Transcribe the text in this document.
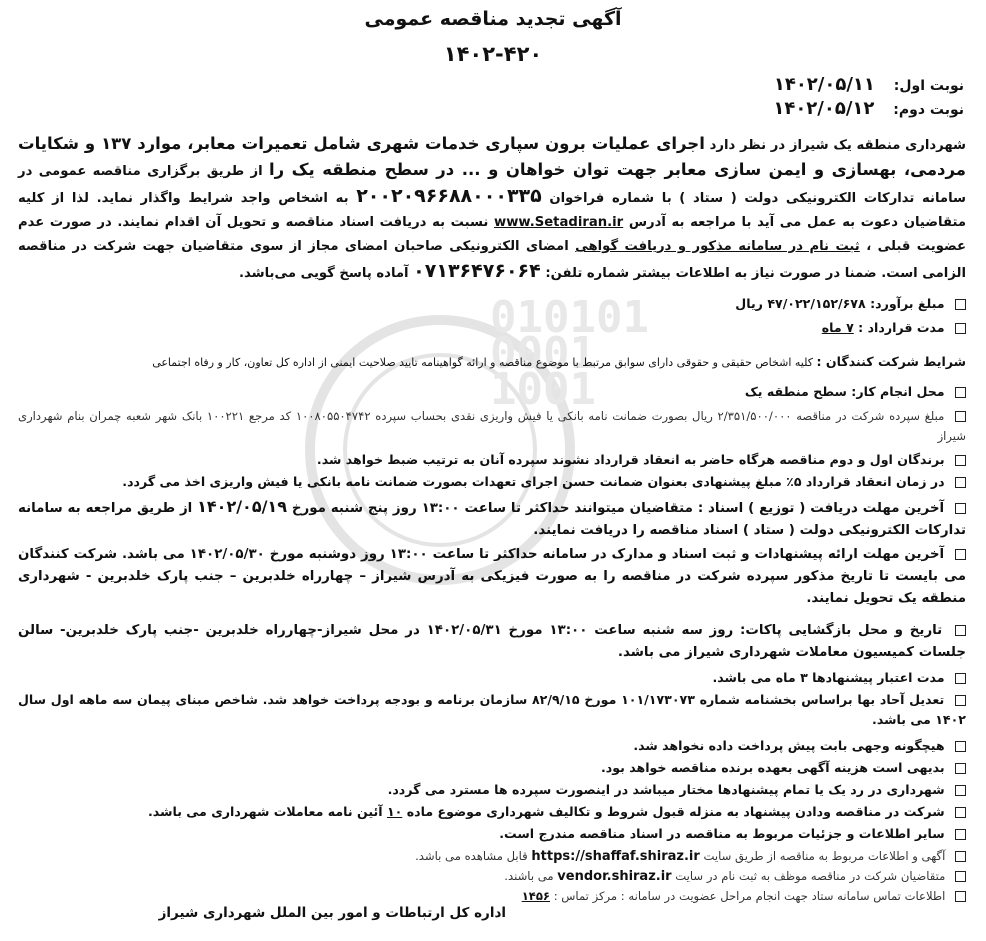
010101
0001
1001
آگهی تجدید مناقصه عمومی
۱۴۰۲-۴۲۰
نوبت اول: ۱۴۰۲/۰۵/۱۱
نوبت دوم: ۱۴۰۲/۰۵/۱۲
شهرداری منطقه یک شیراز در نظر دارد اجرای عملیات برون سپاری خدمات شهری شامل تعمیرات معابر، موارد ۱۳۷ و شکایات مردمی، بهسازی و ایمن سازی معابر جهت توان خواهان و ... در سطح منطقه یک را از طریق برگزاری مناقصه عمومی در سامانه تدارکات الکترونیکی دولت ( ستاد ) با شماره فراخوان ۲۰۰۲۰۹۶۶۸۸۰۰۰۳۳۵ به اشخاص واجد شرایط واگذار نماید. لذا از کلیه متقاضیان دعوت به عمل می آید با مراجعه به آدرس www.Setadiran.ir نسبت به دریافت اسناد مناقصه و تحویل آن اقدام نمایند. در صورت عدم عضویت قبلی ، ثبت نام در سامانه مذکور و دریافت گواهی امضای الکترونیکی صاحبان امضای مجاز از سوی متقاضیان جهت شرکت در مناقصه الزامی است. ضمنا در صورت نیاز به اطلاعات بیشتر شماره تلفن: ۰۷۱۳۶۴۷۶۰۶۴ آماده پاسخ گویی می‌باشد.
مبلغ برآورد: ۴۷/۰۲۲/۱۵۲/۶۷۸ ریال
مدت قرارداد : ۷ ماه
شرایط شرکت کنندگان : کلیه اشخاص حقیقی و حقوقی دارای سوابق مرتبط با موضوع مناقصه و ارائه گواهینامه تایید صلاحیت ایمنی از اداره کل تعاون، کار و رفاه اجتماعی
محل انجام کار: سطح منطقه یک
مبلغ سپرده شرکت در مناقصه ۲/۳۵۱/۵۰۰/۰۰۰ ریال بصورت ضمانت نامه بانکی یا فیش واریزی نقدی بحساب سپرده ۱۰۰۸۰۵۵۰۴۷۴۲ کد مرجع ۱۰۰۲۲۱ بانک شهر شعبه چمران بنام شهرداری شیراز
برندگان اول و دوم مناقصه هرگاه حاضر به انعقاد قرارداد نشوند سپرده آنان به ترتیب ضبط خواهد شد.
در زمان انعقاد قرارداد ۵٪ مبلغ پیشنهادی بعنوان ضمانت حسن اجرای تعهدات بصورت ضمانت نامه بانکی یا فیش واریزی اخذ می گردد.
آخرین مهلت دریافت ( توزیع ) اسناد : متقاضیان میتوانند حداکثر تا ساعت ۱۳:۰۰ روز پنج شنبه مورخ ۱۴۰۲/۰۵/۱۹ از طریق مراجعه به سامانه تدارکات الکترونیکی دولت ( ستاد ) اسناد مناقصه را دریافت نمایند.
آخرین مهلت ارائه پیشنهادات و ثبت اسناد و مدارک در سامانه حداکثر تا ساعت ۱۳:۰۰ روز دوشنبه مورخ ۱۴۰۲/۰۵/۳۰ می باشد. شرکت کنندگان می بایست تا تاریخ مذکور سپرده شرکت در مناقصه را به صورت فیزیکی به آدرس شیراز – چهارراه خلدبرین – جنب پارک خلدبرین - شهرداری منطقه یک تحویل نمایند.
تاریخ و محل بازگشایی پاکات: روز سه شنبه ساعت ۱۳:۰۰ مورخ ۱۴۰۲/۰۵/۳۱ در محل شیراز-چهارراه خلدبرین -جنب پارک خلدبرین- سالن جلسات کمیسیون معاملات شهرداری شیراز می باشد.
مدت اعتبار پیشنهادها ۳ ماه می باشد.
تعدیل آحاد بها براساس بخشنامه شماره ۱۰۱/۱۷۳۰۷۳ مورخ ۸۲/۹/۱۵ سازمان برنامه و بودجه پرداخت خواهد شد. شاخص مبنای پیمان سه ماهه اول سال ۱۴۰۲ می باشد.
هیچگونه وجهی بابت پیش پرداخت داده نخواهد شد.
بدیهی است هزینه آگهی بعهده برنده مناقصه خواهد بود.
شهرداری در رد یک یا تمام پیشنهادها مختار میباشد در اینصورت سپرده ها مسترد می گردد.
شرکت در مناقصه ودادن پیشنهاد به منزله قبول شروط و تکالیف شهرداری موضوع ماده ۱۰ آئین نامه معاملات شهرداری می باشد.
سایر اطلاعات و جزئیات مربوط به مناقصه در اسناد مناقصه مندرج است.
آگهی و اطلاعات مربوط به مناقصه از طریق سایت https://shaffaf.shiraz.ir قابل مشاهده می باشد.
متقاضیان شرکت در مناقصه موظف به ثبت نام در سایت vendor.shiraz.ir می باشند.
اطلاعات تماس سامانه ستاد جهت انجام مراحل عضویت در سامانه : مرکز تماس : ۱۴۵۶
اداره کل ارتباطات و امور بین الملل شهرداری شیراز
